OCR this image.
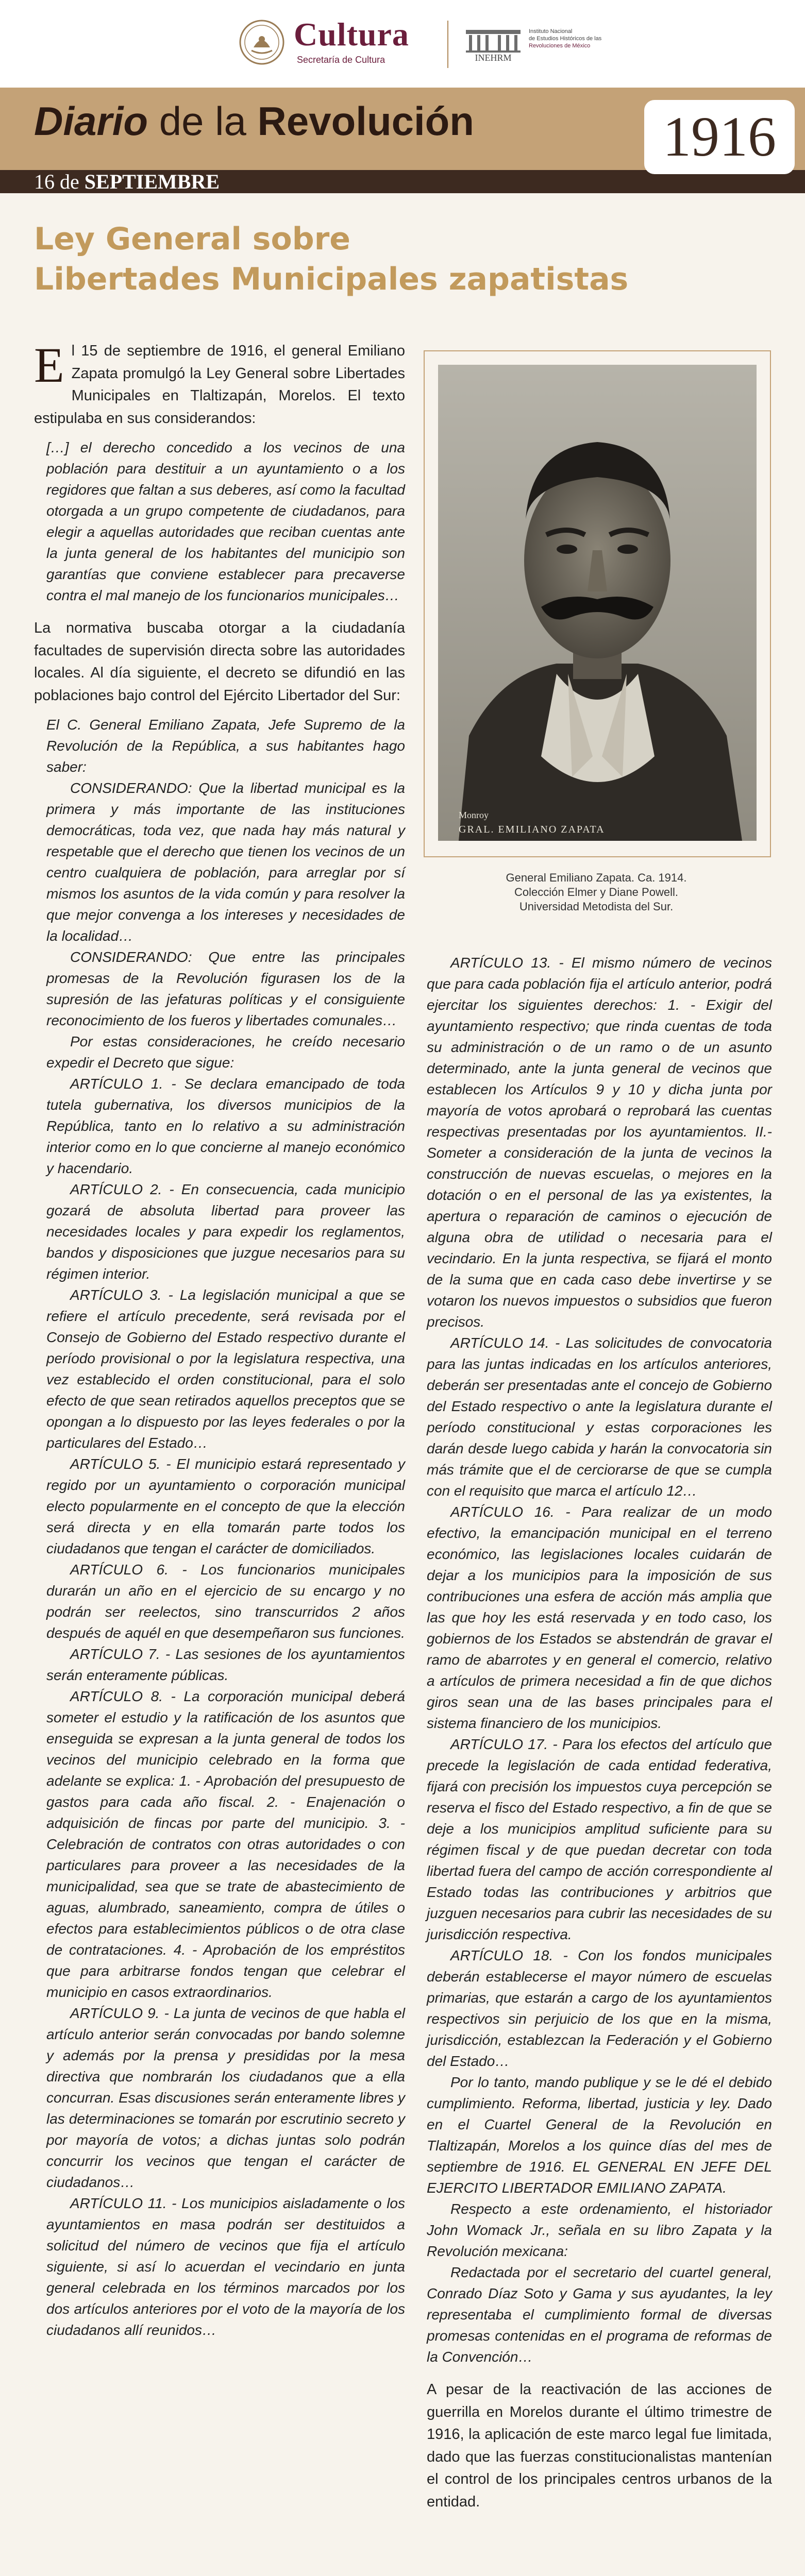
Cultura
Secretaría de Cultura	INEHRM
Instituto Nacional
de Estudios Históricos de las
Revoluciones de México
Diario de la Revolución
16 de SEPTIEMBRE
1916
Ley General sobre
Libertades Municipales zapatistas

El 15 de septiembre de 1916, el general Emiliano Zapata promulgó la Ley General sobre Libertades Municipales en Tlaltizapán, Morelos. El texto estipulaba en sus considerandos:

[…] el derecho concedido a los vecinos de una población para destituir a un ayuntamiento o a los regidores que faltan a sus deberes, así como la facultad otorgada a un grupo competente de ciudadanos, para elegir a aquellas autoridades que reciban cuentas ante la junta general de los habitantes del municipio son garantías que conviene establecer para precaverse contra el mal manejo de los funcionarios municipales…

La normativa buscaba otorgar a la ciudadanía facultades de supervisión directa sobre las autoridades locales. Al día siguiente, el decreto se difundió en las poblaciones bajo control del Ejército Libertador del Sur:

El C. General Emiliano Zapata, Jefe Supremo de la Revolución de la República, a sus habitantes hago saber:
CONSIDERANDO: Que la libertad municipal es la primera y más importante de las instituciones democráticas, toda vez, que nada hay más natural y respetable que el derecho que tienen los vecinos de un centro cualquiera de población, para arreglar por sí mismos los asuntos de la vida común y para resolver la que mejor convenga a los intereses y necesidades de la localidad…
CONSIDERANDO: Que entre las principales promesas de la Revolución figurasen los de la supresión de las jefaturas políticas y el consiguiente reconocimiento de los fueros y libertades comunales…
Por estas consideraciones, he creído necesario expedir el Decreto que sigue:
ARTÍCULO 1. - Se declara emancipado de toda tutela gubernativa, los diversos municipios de la República, tanto en lo relativo a su administración interior como en lo que concierne al manejo económico y hacendario.
ARTÍCULO 2. - En consecuencia, cada municipio gozará de absoluta libertad para proveer las necesidades locales y para expedir los reglamentos, bandos y disposiciones que juzgue necesarios para su régimen interior.
ARTÍCULO 3. - La legislación municipal a que se refiere el artículo precedente, será revisada por el Consejo de Gobierno del Estado respectivo durante el período provisional o por la legislatura respectiva, una vez establecido el orden constitucional, para el solo efecto de que sean retirados aquellos preceptos que se opongan a lo dispuesto por las leyes federales o por la particulares del Estado…
ARTÍCULO 5. - El municipio estará representado y regido por un ayuntamiento o corporación municipal electo popularmente en el concepto de que la elección será directa y en ella tomarán parte todos los ciudadanos que tengan el carácter de domiciliados.
ARTÍCULO 6. - Los funcionarios municipales durarán un año en el ejercicio de su encargo y no podrán ser reelectos, sino transcurridos 2 años después de aquél en que desempeñaron sus funciones.
ARTÍCULO 7. - Las sesiones de los ayuntamientos serán enteramente públicas.
ARTÍCULO 8. - La corporación municipal deberá someter el estudio y la ratificación de los asuntos que enseguida se expresan a la junta general de todos los vecinos del municipio celebrado en la forma que adelante se explica: 1. - Aprobación del presupuesto de gastos para cada año fiscal. 2. - Enajenación o adquisición de fincas por parte del municipio. 3. - Celebración de contratos con otras autoridades o con particulares para proveer a las necesidades de la municipalidad, sea que se trate de abastecimiento de aguas, alumbrado, saneamiento, compra de útiles o efectos para establecimientos públicos o de otra clase de contrataciones. 4. - Aprobación de los empréstitos que para arbitrarse fondos tengan que celebrar el municipio en casos extraordinarios.
ARTÍCULO 9. - La junta de vecinos de que habla el artículo anterior serán convocadas por bando solemne y además por la prensa y presididas por la mesa directiva que nombrarán los ciudadanos que a ella concurran. Esas discusiones serán enteramente libres y las determinaciones se tomarán por escrutinio secreto y por mayoría de votos; a dichas juntas solo podrán concurrir los vecinos que tengan el carácter de ciudadanos…
ARTÍCULO 11. - Los municipios aisladamente o los ayuntamientos en masa podrán ser destituidos a solicitud del número de vecinos que fija el artículo siguiente, si así lo acuerdan el vecindario en junta general celebrada en los términos marcados por los dos artículos anteriores por el voto de la mayoría de los ciudadanos allí reunidos…
Monroy
GRAL. EMILIANO ZAPATA
General Emiliano Zapata. Ca. 1914.
Colección Elmer y Diane Powell.
Universidad Metodista del Sur.
ARTÍCULO 13. - El mismo número de vecinos que para cada población fija el artículo anterior, podrá ejercitar los siguientes derechos: 1. - Exigir del ayuntamiento respectivo; que rinda cuentas de toda su administración o de un ramo o de un asunto determinado, ante la junta general de vecinos que establecen los Artículos 9 y 10 y dicha junta por mayoría de votos aprobará o reprobará las cuentas respectivas presentadas por los ayuntamientos. II.- Someter a consideración de la junta de vecinos la construcción de nuevas escuelas, o mejores en la dotación o en el personal de las ya existentes, la apertura o reparación de caminos o ejecución de alguna obra de utilidad o necesaria para el vecindario. En la junta respectiva, se fijará el monto de la suma que en cada caso debe invertirse y se votaron los nuevos impuestos o subsidios que fueron precisos.
ARTÍCULO 14. - Las solicitudes de convocatoria para las juntas indicadas en los artículos anteriores, deberán ser presentadas ante el concejo de Gobierno del Estado respectivo o ante la legislatura durante el período constitucional y estas corporaciones les darán desde luego cabida y harán la convocatoria sin más trámite que el de cerciorarse de que se cumpla con el requisito que marca el artículo 12…
ARTÍCULO 16. - Para realizar de un modo efectivo, la emancipación municipal en el terreno económico, las legislaciones locales cuidarán de dejar a los municipios para la imposición de sus contribuciones una esfera de acción más amplia que las que hoy les está reservada y en todo caso, los gobiernos de los Estados se abstendrán de gravar el ramo de abarrotes y en general el comercio, relativo a artículos de primera necesidad a fin de que dichos giros sean una de las bases principales para el sistema financiero de los municipios.
ARTÍCULO 17. - Para los efectos del artículo que precede la legislación de cada entidad federativa, fijará con precisión los impuestos cuya percepción se reserva el fisco del Estado respectivo, a fin de que se deje a los municipios amplitud suficiente para su régimen fiscal y de que puedan decretar con toda libertad fuera del campo de acción correspondiente al Estado todas las contribuciones y arbitrios que juzguen necesarios para cubrir las necesidades de su jurisdicción respectiva.
ARTÍCULO 18. - Con los fondos municipales deberán establecerse el mayor número de escuelas primarias, que estarán a cargo de los ayuntamientos respectivos sin perjuicio de los que en la misma, jurisdicción, establezcan la Federación y el Gobierno del Estado…
Por lo tanto, mando publique y se le dé el debido cumplimiento. Reforma, libertad, justicia y ley. Dado en el Cuartel General de la Revolución en Tlaltizapán, Morelos a los quince días del mes de septiembre de 1916. EL GENERAL EN JEFE DEL EJERCITO LIBERTADOR EMILIANO ZAPATA.
Respecto a este ordenamiento, el historiador John Womack Jr., señala en su libro Zapata y la Revolución mexicana:
Redactada por el secretario del cuartel general, Conrado Díaz Soto y Gama y sus ayudantes, la ley representaba el cumplimiento formal de diversas promesas contenidas en el programa de reformas de la Convención…
A pesar de la reactivación de las acciones de guerrilla en Morelos durante el último trimestre de 1916, la aplicación de este marco legal fue limitada, dado que las fuerzas constitucionalistas mantenían el control de los principales centros urbanos de la entidad.
